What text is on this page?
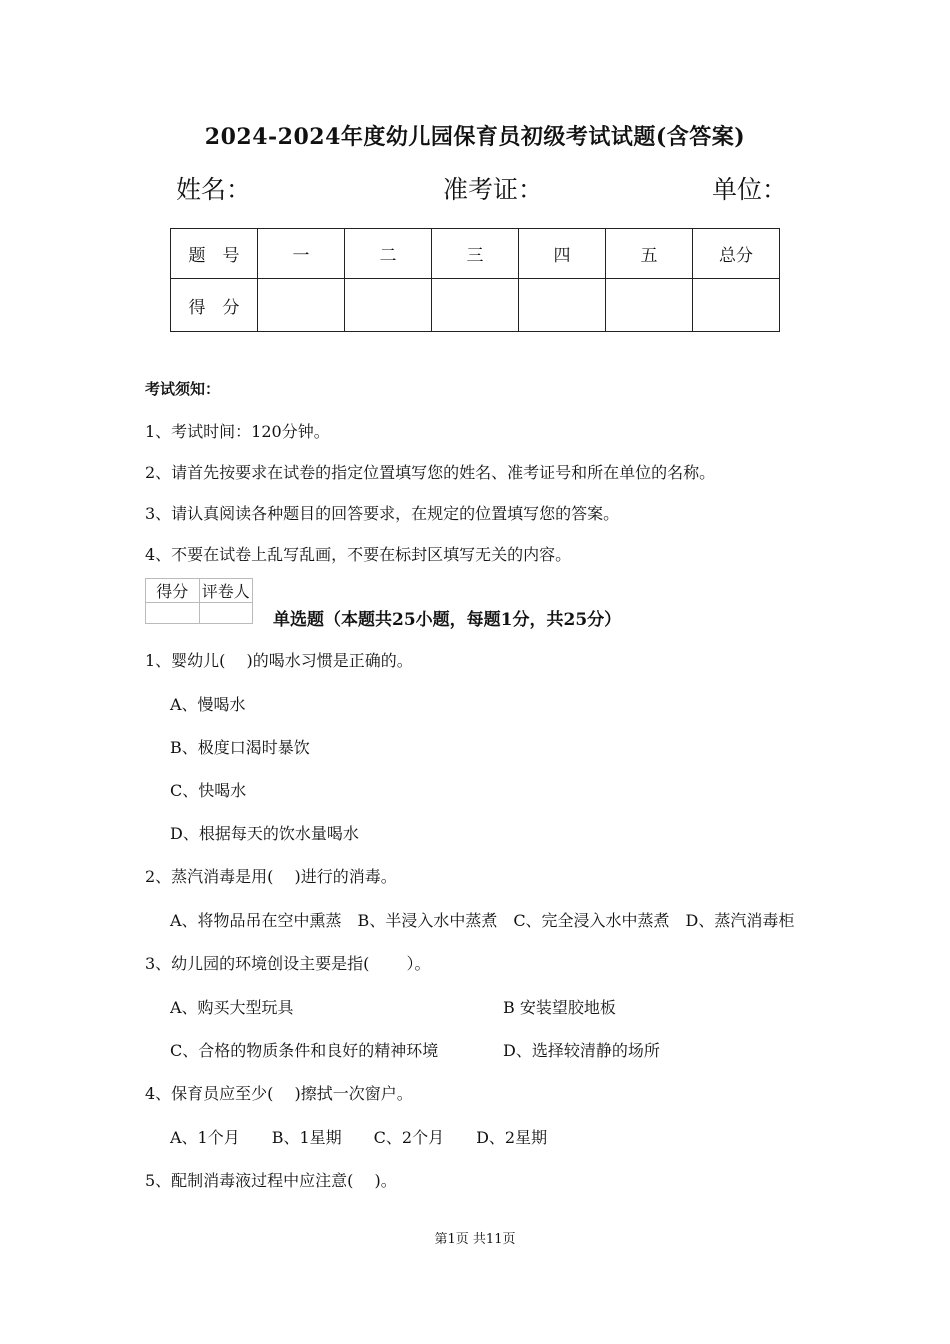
2024-2024年度幼儿园保育员初级考试试题(含答案)
姓名：	准考证：	单位：
题　号	一	二	三	四	五	总分
得　分						
考试须知：
1、考试时间：120分钟。
2、请首先按要求在试卷的指定位置填写您的姓名、准考证号和所在单位的名称。
3、请认真阅读各种题目的回答要求，在规定的位置填写您的答案。
4、不要在试卷上乱写乱画，不要在标封区填写无关的内容。
得分	评卷人

单选题（本题共25小题，每题1分，共25分）
1、婴幼儿(　 )的喝水习惯是正确的。
A、慢喝水
B、极度口渴时暴饮
C、快喝水
D、根据每天的饮水量喝水
2、蒸汽消毒是用(　 )进行的消毒。
A、将物品吊在空中熏蒸　B、半浸入水中蒸煮　C、完全浸入水中蒸煮　D、蒸汽消毒柜
3、幼儿园的环境创设主要是指(　　 ）。
A、购买大型玩具	B 安装望胶地板
C、合格的物质条件和良好的精神环境	D、选择较清静的场所
4、保育员应至少(　 )擦拭一次窗户。
A、1个月　　B、1星期　　C、2个月　　D、2星期
5、配制消毒液过程中应注意(　 )。
第1页 共11页
